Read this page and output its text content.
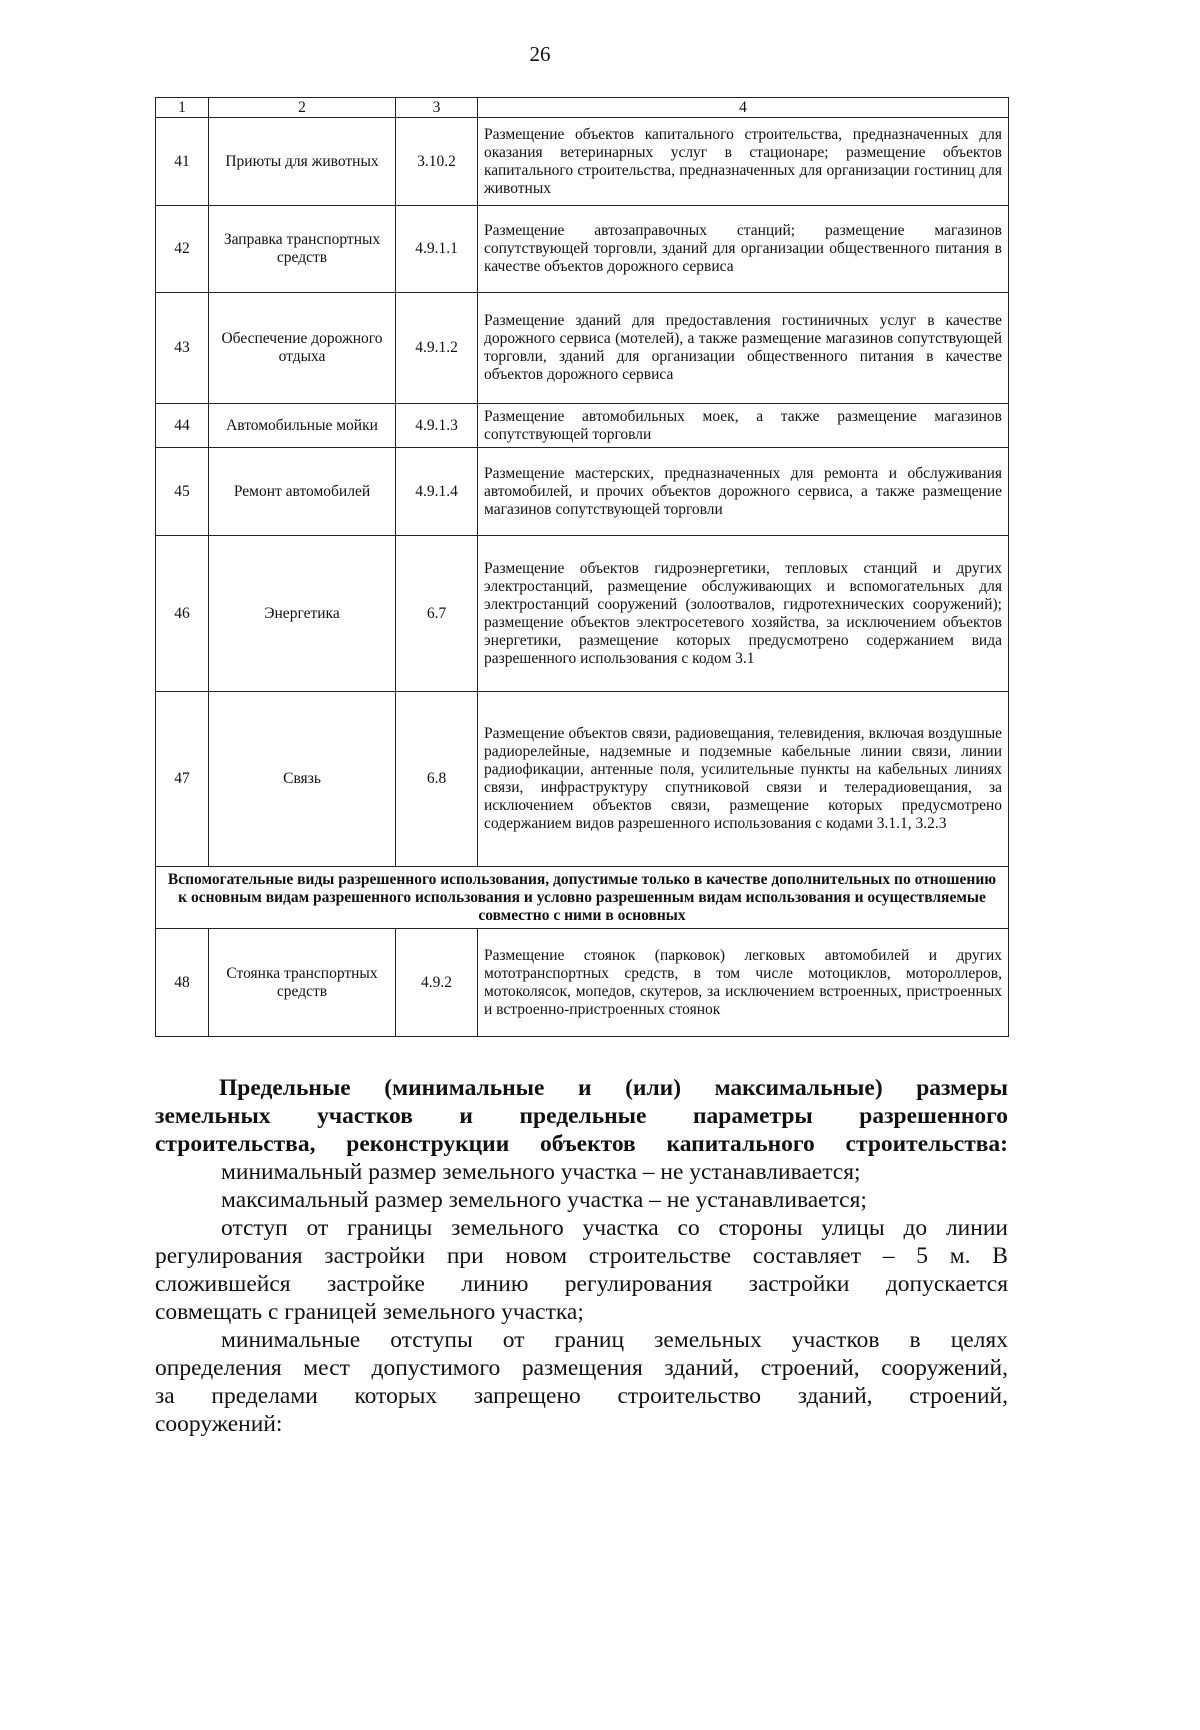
26
1	2	3	4
41	Приюты для животных	3.10.2	Размещение объектов капитального строительства, предназначенных для оказания ветеринарных услуг в стационаре; размещение объектов капитального строительства, предназначенных для организации гостиниц для животных
42	Заправка транспортных средств	4.9.1.1	Размещение автозаправочных станций; размещение магазинов сопутствующей торговли, зданий для организации общественного питания в качестве объектов дорожного сервиса
43	Обеспечение дорожного отдыха	4.9.1.2	Размещение зданий для предоставления гостиничных услуг в качестве дорожного сервиса (мотелей), а также размещение магазинов сопутствующей торговли, зданий для организации общественного питания в качестве объектов дорожного сервиса
44	Автомобильные мойки	4.9.1.3	Размещение автомобильных моек, а также размещение магазинов сопутствующей торговли
45	Ремонт автомобилей	4.9.1.4	Размещение мастерских, предназначенных для ремонта и обслуживания автомобилей, и прочих объектов дорожного сервиса, а также размещение магазинов сопутствующей торговли
46	Энергетика	6.7	Размещение объектов гидроэнергетики, тепловых станций и других электростанций, размещение обслуживающих и вспомогательных для электростанций сооружений (золоотвалов, гидротехнических сооружений); размещение объектов электросетевого хозяйства, за исключением объектов энергетики, размещение которых предусмотрено содержанием вида разрешенного использования с кодом 3.1
47	Связь	6.8	Размещение объектов связи, радиовещания, телевидения, включая воздушные радиорелейные, надземные и подземные кабельные линии связи, линии радиофикации, антенные поля, усилительные пункты на кабельных линиях связи, инфраструктуру спутниковой связи и телерадиовещания, за исключением объектов связи, размещение которых предусмотрено содержанием видов разрешенного использования с кодами 3.1.1, 3.2.3
Вспомогательные виды разрешенного использования, допустимые только в качестве дополнительных по отношению к основным видам разрешенного использования и условно разрешенным видам использования и осуществляемые совместно с ними в основных			
48	Стоянка транспортных средств	4.9.2	Размещение стоянок (парковок) легковых автомобилей и других мототранспортных средств, в том числе мотоциклов, мотороллеров, мотоколясок, мопедов, скутеров, за исключением встроенных, пристроенных и встроенно-пристроенных стоянок
Предельные (минимальные и (или) максимальные) размеры
земельных участков и предельные параметры разрешенного
строительства, реконструкции объектов капитального строительства:
минимальный размер земельного участка – не устанавливается;
максимальный размер земельного участка – не устанавливается;
отступ от границы земельного участка со стороны улицы до линии
регулирования застройки при новом строительстве составляет – 5 м. В
сложившейся застройке линию регулирования застройки допускается
совмещать с границей земельного участка;
минимальные отступы от границ земельных участков в целях
определения мест допустимого размещения зданий, строений, сооружений,
за пределами которых запрещено строительство зданий, строений,
сооружений:
